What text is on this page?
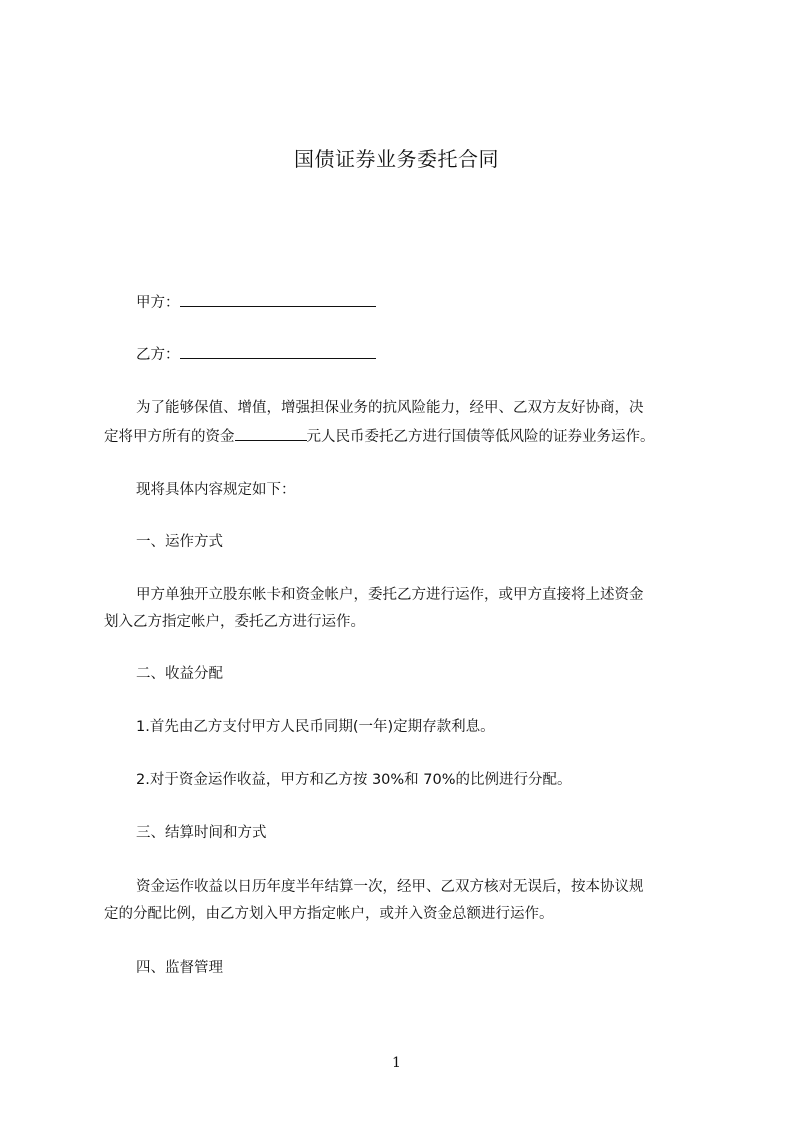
国债证券业务委托合同
甲方：
乙方：
为了能够保值、增值，增强担保业务的抗风险能力，经甲、乙双方友好协商，决
定将甲方所有的资金	元人民币委托乙方进行国债等低风险的证券业务运作。
现将具体内容规定如下：
一、运作方式
甲方单独开立股东帐卡和资金帐户，委托乙方进行运作，或甲方直接将上述资金
划入乙方指定帐户，委托乙方进行运作。
二、收益分配
1.首先由乙方支付甲方人民币同期(一年)定期存款利息。
2.对于资金运作收益，甲方和乙方按 30%和 70%的比例进行分配。
三、结算时间和方式
资金运作收益以日历年度半年结算一次，经甲、乙双方核对无误后，按本协议规
定的分配比例，由乙方划入甲方指定帐户，或并入资金总额进行运作。
四、监督管理
1
